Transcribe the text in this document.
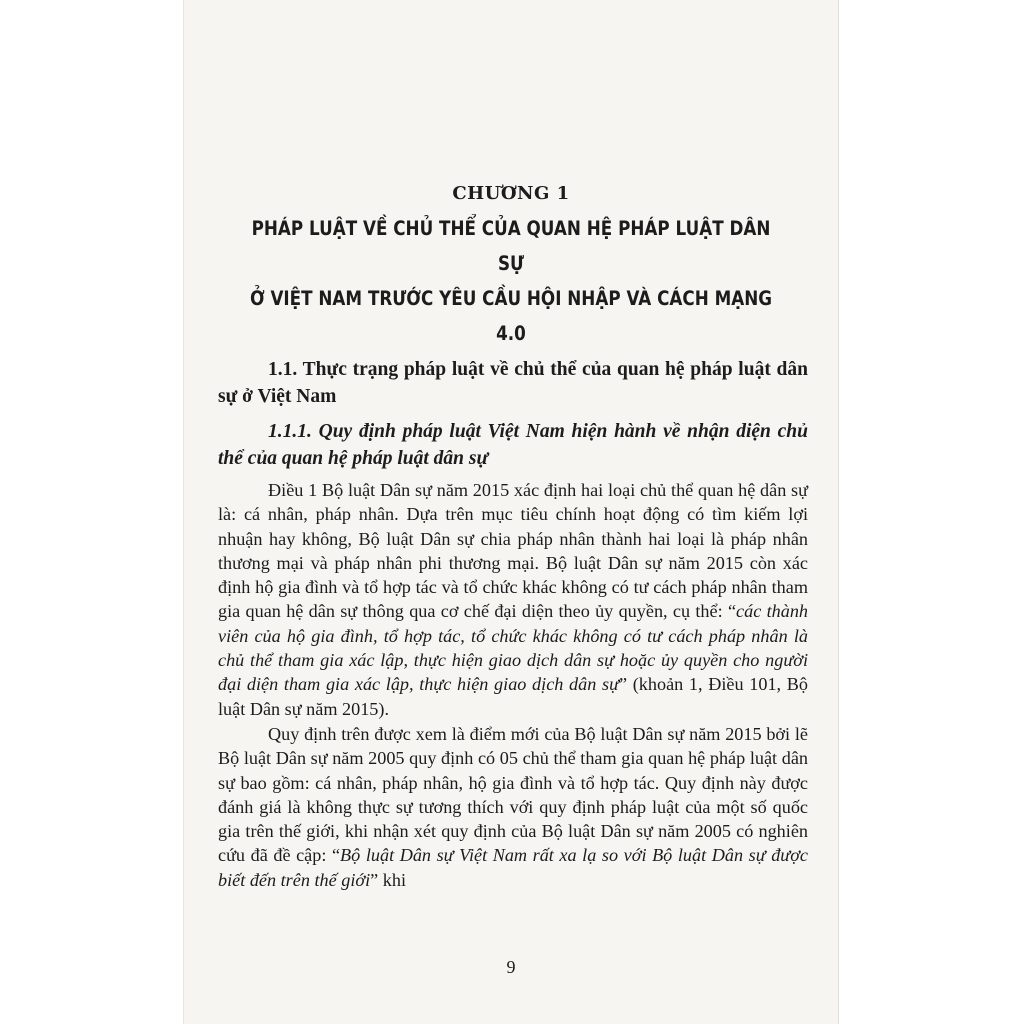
CHƯƠNG 1
PHÁP LUẬT VỀ CHỦ THỂ CỦA QUAN HỆ PHÁP LUẬT DÂN SỰ
Ở VIỆT NAM TRƯỚC YÊU CẦU HỘI NHẬP VÀ CÁCH MẠNG 4.0

1.1. Thực trạng pháp luật về chủ thể của quan hệ pháp luật dân sự ở Việt Nam

1.1.1. Quy định pháp luật Việt Nam hiện hành về nhận diện chủ thể của quan hệ pháp luật dân sự

Điều 1 Bộ luật Dân sự năm 2015 xác định hai loại chủ thể quan hệ dân sự là: cá nhân, pháp nhân. Dựa trên mục tiêu chính hoạt động có tìm kiếm lợi nhuận hay không, Bộ luật Dân sự chia pháp nhân thành hai loại là pháp nhân thương mại và pháp nhân phi thương mại. Bộ luật Dân sự năm 2015 còn xác định hộ gia đình và tổ hợp tác và tổ chức khác không có tư cách pháp nhân tham gia quan hệ dân sự thông qua cơ chế đại diện theo ủy quyền, cụ thể: “các thành viên của hộ gia đình, tổ hợp tác, tổ chức khác không có tư cách pháp nhân là chủ thể tham gia xác lập, thực hiện giao dịch dân sự hoặc ủy quyền cho người đại diện tham gia xác lập, thực hiện giao dịch dân sự” (khoản 1, Điều 101, Bộ luật Dân sự năm 2015).

Quy định trên được xem là điểm mới của Bộ luật Dân sự năm 2015 bởi lẽ Bộ luật Dân sự năm 2005 quy định có 05 chủ thể tham gia quan hệ pháp luật dân sự bao gồm: cá nhân, pháp nhân, hộ gia đình và tổ hợp tác. Quy định này được đánh giá là không thực sự tương thích với quy định pháp luật của một số quốc gia trên thế giới, khi nhận xét quy định của Bộ luật Dân sự năm 2005 có nghiên cứu đã đề cập: “Bộ luật Dân sự Việt Nam rất xa lạ so với Bộ luật Dân sự được biết đến trên thế giới” khi

9
